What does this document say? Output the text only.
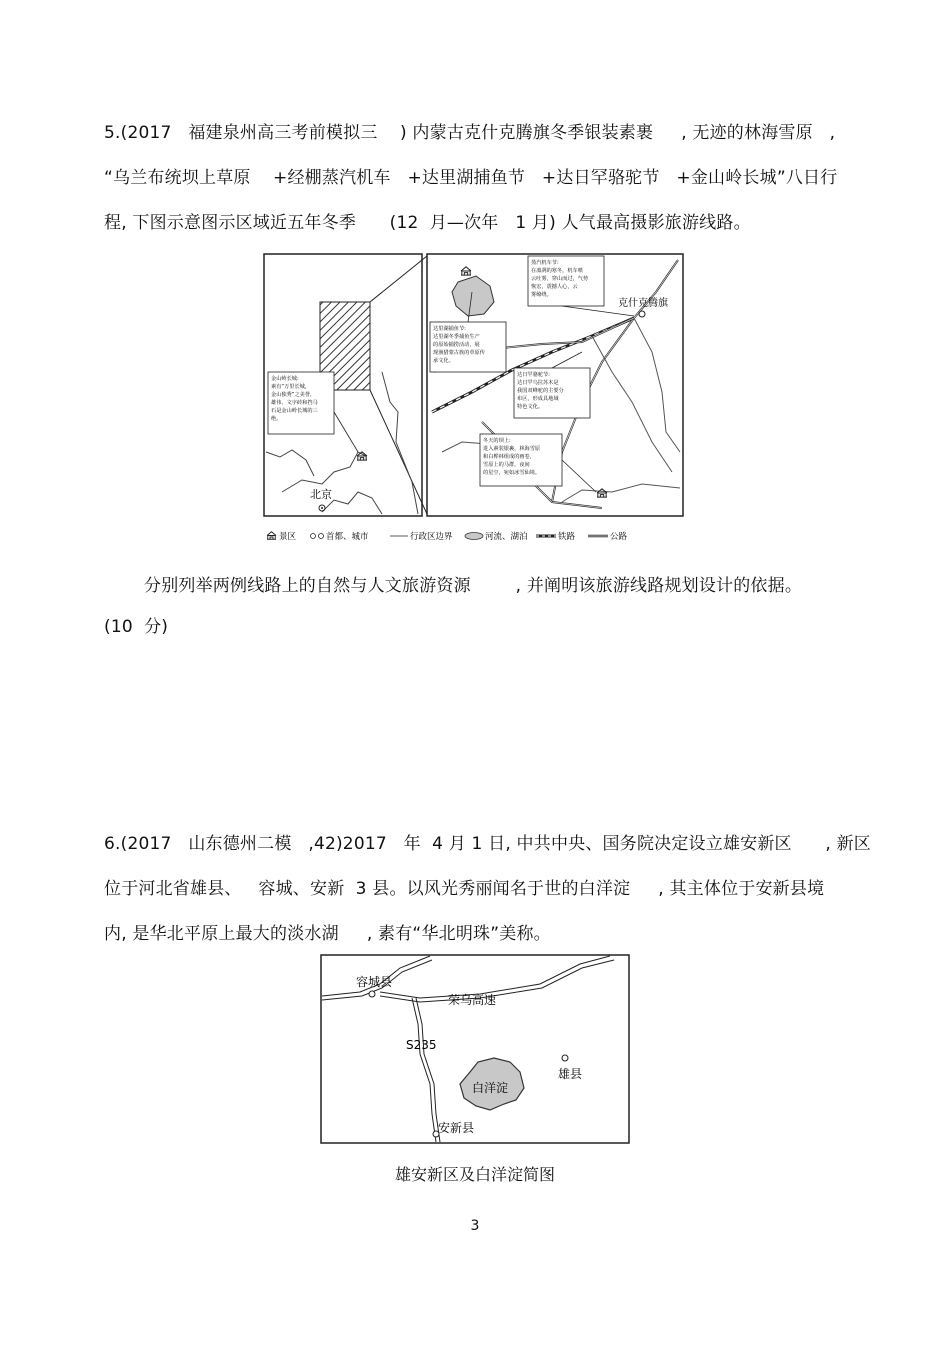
5.(2017   福建泉州高三考前模拟三    ) 内蒙古克什克腾旗冬季银装素裹     , 无迹的林海雪原   ,
“乌兰布统坝上草原    +经棚蒸汽机车   +达里湖捕鱼节   +达日罕骆驼节   +金山岭长城”八日行
程, 下图示意图示区域近五年冬季      (12  月—次年   1 月) 人气最高摄影旅游线路。
北京
金山岭长城:素有“万里长城，金山独秀”之美誉，雄伟、文字砖和挡马石是金山岭长城的三绝。
克什克腾旗
蒸汽机车节:在凛冽的寒冬，机车喷云吐雾，穿山而过，气势恢宏，震撼人心，云雾缭绕。
达里湖捕鱼节:达里湖冬季捕鱼生产的原始捕捞活动，展现渔猎蒙古族的草原传承文化。
达日罕骆驼节:达日罕乌拉苏木是我国双峰驼的主要分布区，形成具地域特色文化。
冬天的坝上:进入素装银裹，林海雪原和白桦林组成的画卷，雪原上的马群，夜间的星空，宛如冰雪仙境。
景区	首都、城市	行政区边界	河流、湖泊	铁路	公路
分别列举两例线路上的自然与人文旅游资源        , 并阐明该旅游线路规划设计的依据。
(10  分)
6.(2017   山东德州二模   ,42)2017   年  4 月 1 日, 中共中央、国务院决定设立雄安新区      , 新区
位于河北省雄县、   容城、安新  3 县。以风光秀丽闻名于世的白洋淀     , 其主体位于安新县境
内, 是华北平原上最大的淡水湖     , 素有“华北明珠”美称。
容城县
荣乌高速
S235
雄县
白洋淀
安新县
雄安新区及白洋淀简图
3
